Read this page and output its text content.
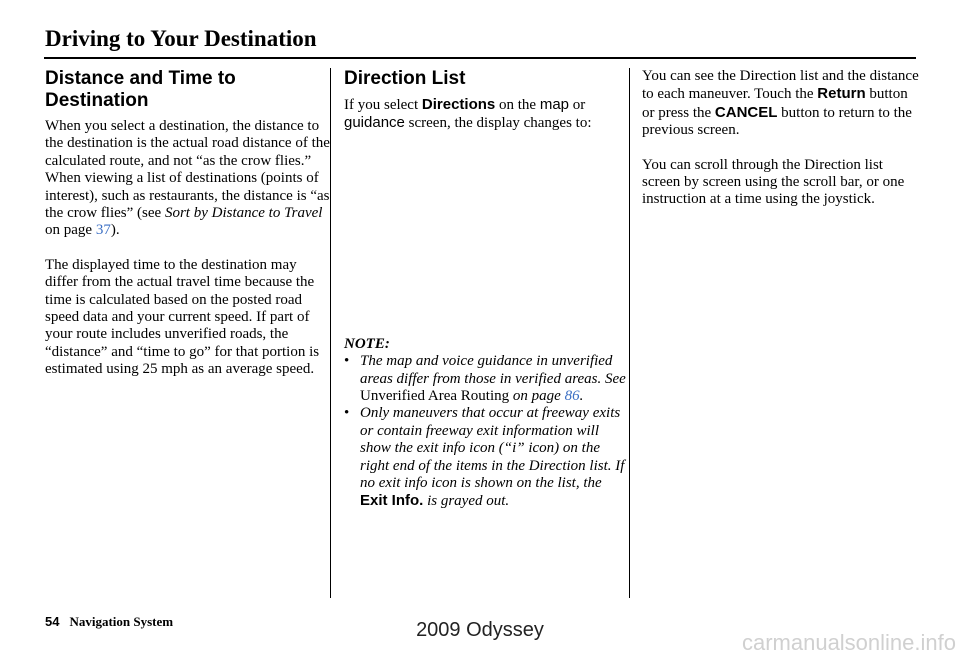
Driving to Your Destination
Distance and Time to Destination

When you select a destination, the distance to the destination is the actual road distance of the calculated route, and not “as the crow flies.” When viewing a list of destinations (points of interest), such as restaurants, the distance is “as the crow flies” (see Sort by Distance to Travel on page 37).

The displayed time to the destination may differ from the actual travel time because the time is calculated based on the posted road speed data and your current speed. If part of your route includes unverified roads, the “distance” and “time to go” for that portion is estimated using 25 mph as an average speed.

Direction List

If you select Directions on the map or guidance screen, the display changes to:

NOTE:
• The map and voice guidance in unverified areas differ from those in verified areas. See Unverified Area Routing on page 86.
• Only maneuvers that occur at freeway exits or contain freeway exit information will show the exit info icon (“i” icon) on the right end of the items in the Direction list. If no exit info icon is shown on the list, the Exit Info. is grayed out.

You can see the Direction list and the distance to each maneuver. Touch the Return button or press the CANCEL button to return to the previous screen.

You can scroll through the Direction list screen by screen using the scroll bar, or one instruction at a time using the joystick.

54 Navigation System	2009 Odyssey	carmanualsonline.info
